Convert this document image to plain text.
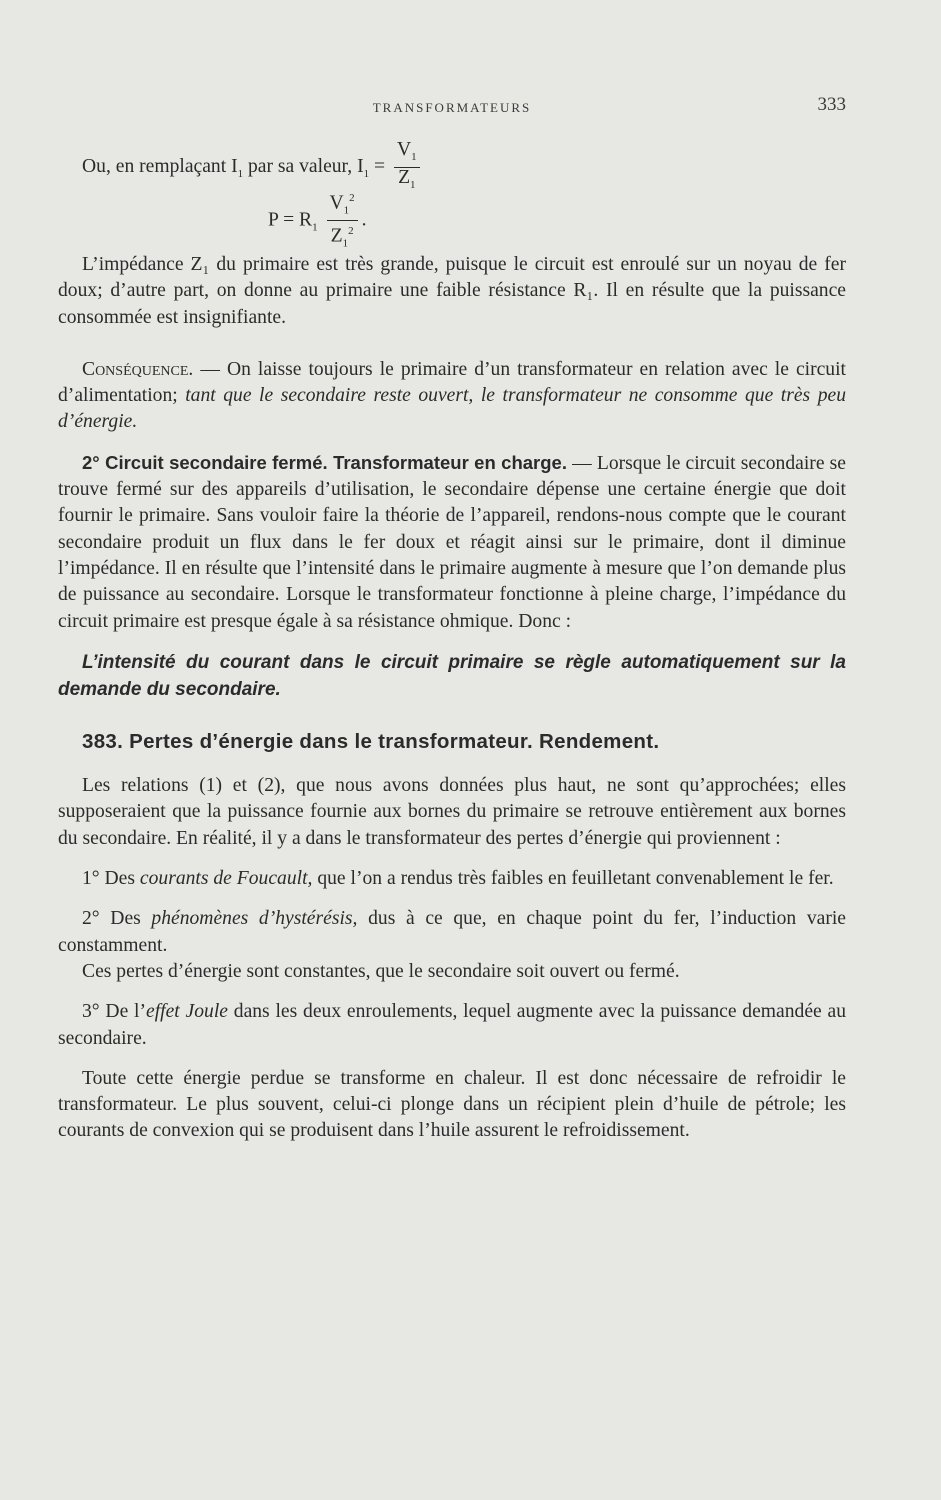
TRANSFORMATEURS	333
Ou, en remplaçant $I_1$ par sa valeur, $I_1 = \frac{V_1}{Z_1}$
$P = R_1 \frac{V_1^2}{Z_1^2}$ .

L’impédance Z₁ du primaire est très grande, puisque le circuit est enroulé sur un noyau de fer doux; d’autre part, on donne au primaire une faible résistance R₁. Il en résulte que la puissance consommée est insignifiante.

Conséquence. — On laisse toujours le primaire d’un transformateur en relation avec le circuit d’alimentation; tant que le secondaire reste ouvert, le transformateur ne consomme que très peu d’énergie.

2° Circuit secondaire fermé. Transformateur en charge. — Lorsque le circuit secondaire se trouve fermé sur des appareils d’utilisation, le secondaire dépense une certaine énergie que doit fournir le primaire. Sans vouloir faire la théorie de l’appareil, rendons-nous compte que le courant secondaire produit un flux dans le fer doux et réagit ainsi sur le primaire, dont il diminue l’impédance. Il en résulte que l’intensité dans le primaire augmente à mesure que l’on demande plus de puissance au secondaire. Lorsque le transformateur fonctionne à pleine charge, l’impédance du circuit primaire est presque égale à sa résistance ohmique. Donc :

L’intensité du courant dans le circuit primaire se règle automatiquement sur la demande du secondaire.

383. Pertes d’énergie dans le transformateur. Rendement.

Les relations (1) et (2), que nous avons données plus haut, ne sont qu’approchées; elles supposeraient que la puissance fournie aux bornes du primaire se retrouve entièrement aux bornes du secondaire. En réalité, il y a dans le transformateur des pertes d’énergie qui proviennent :

1° Des courants de Foucault, que l’on a rendus très faibles en feuilletant convenablement le fer.

2° Des phénomènes d’hystérésis, dus à ce que, en chaque point du fer, l’induction varie constamment.

Ces pertes d’énergie sont constantes, que le secondaire soit ouvert ou fermé.

3° De l’effet Joule dans les deux enroulements, lequel augmente avec la puissance demandée au secondaire.

Toute cette énergie perdue se transforme en chaleur. Il est donc nécessaire de refroidir le transformateur. Le plus souvent, celui-ci plonge dans un récipient plein d’huile de pétrole; les courants de convexion qui se produisent dans l’huile assurent le refroidissement.
